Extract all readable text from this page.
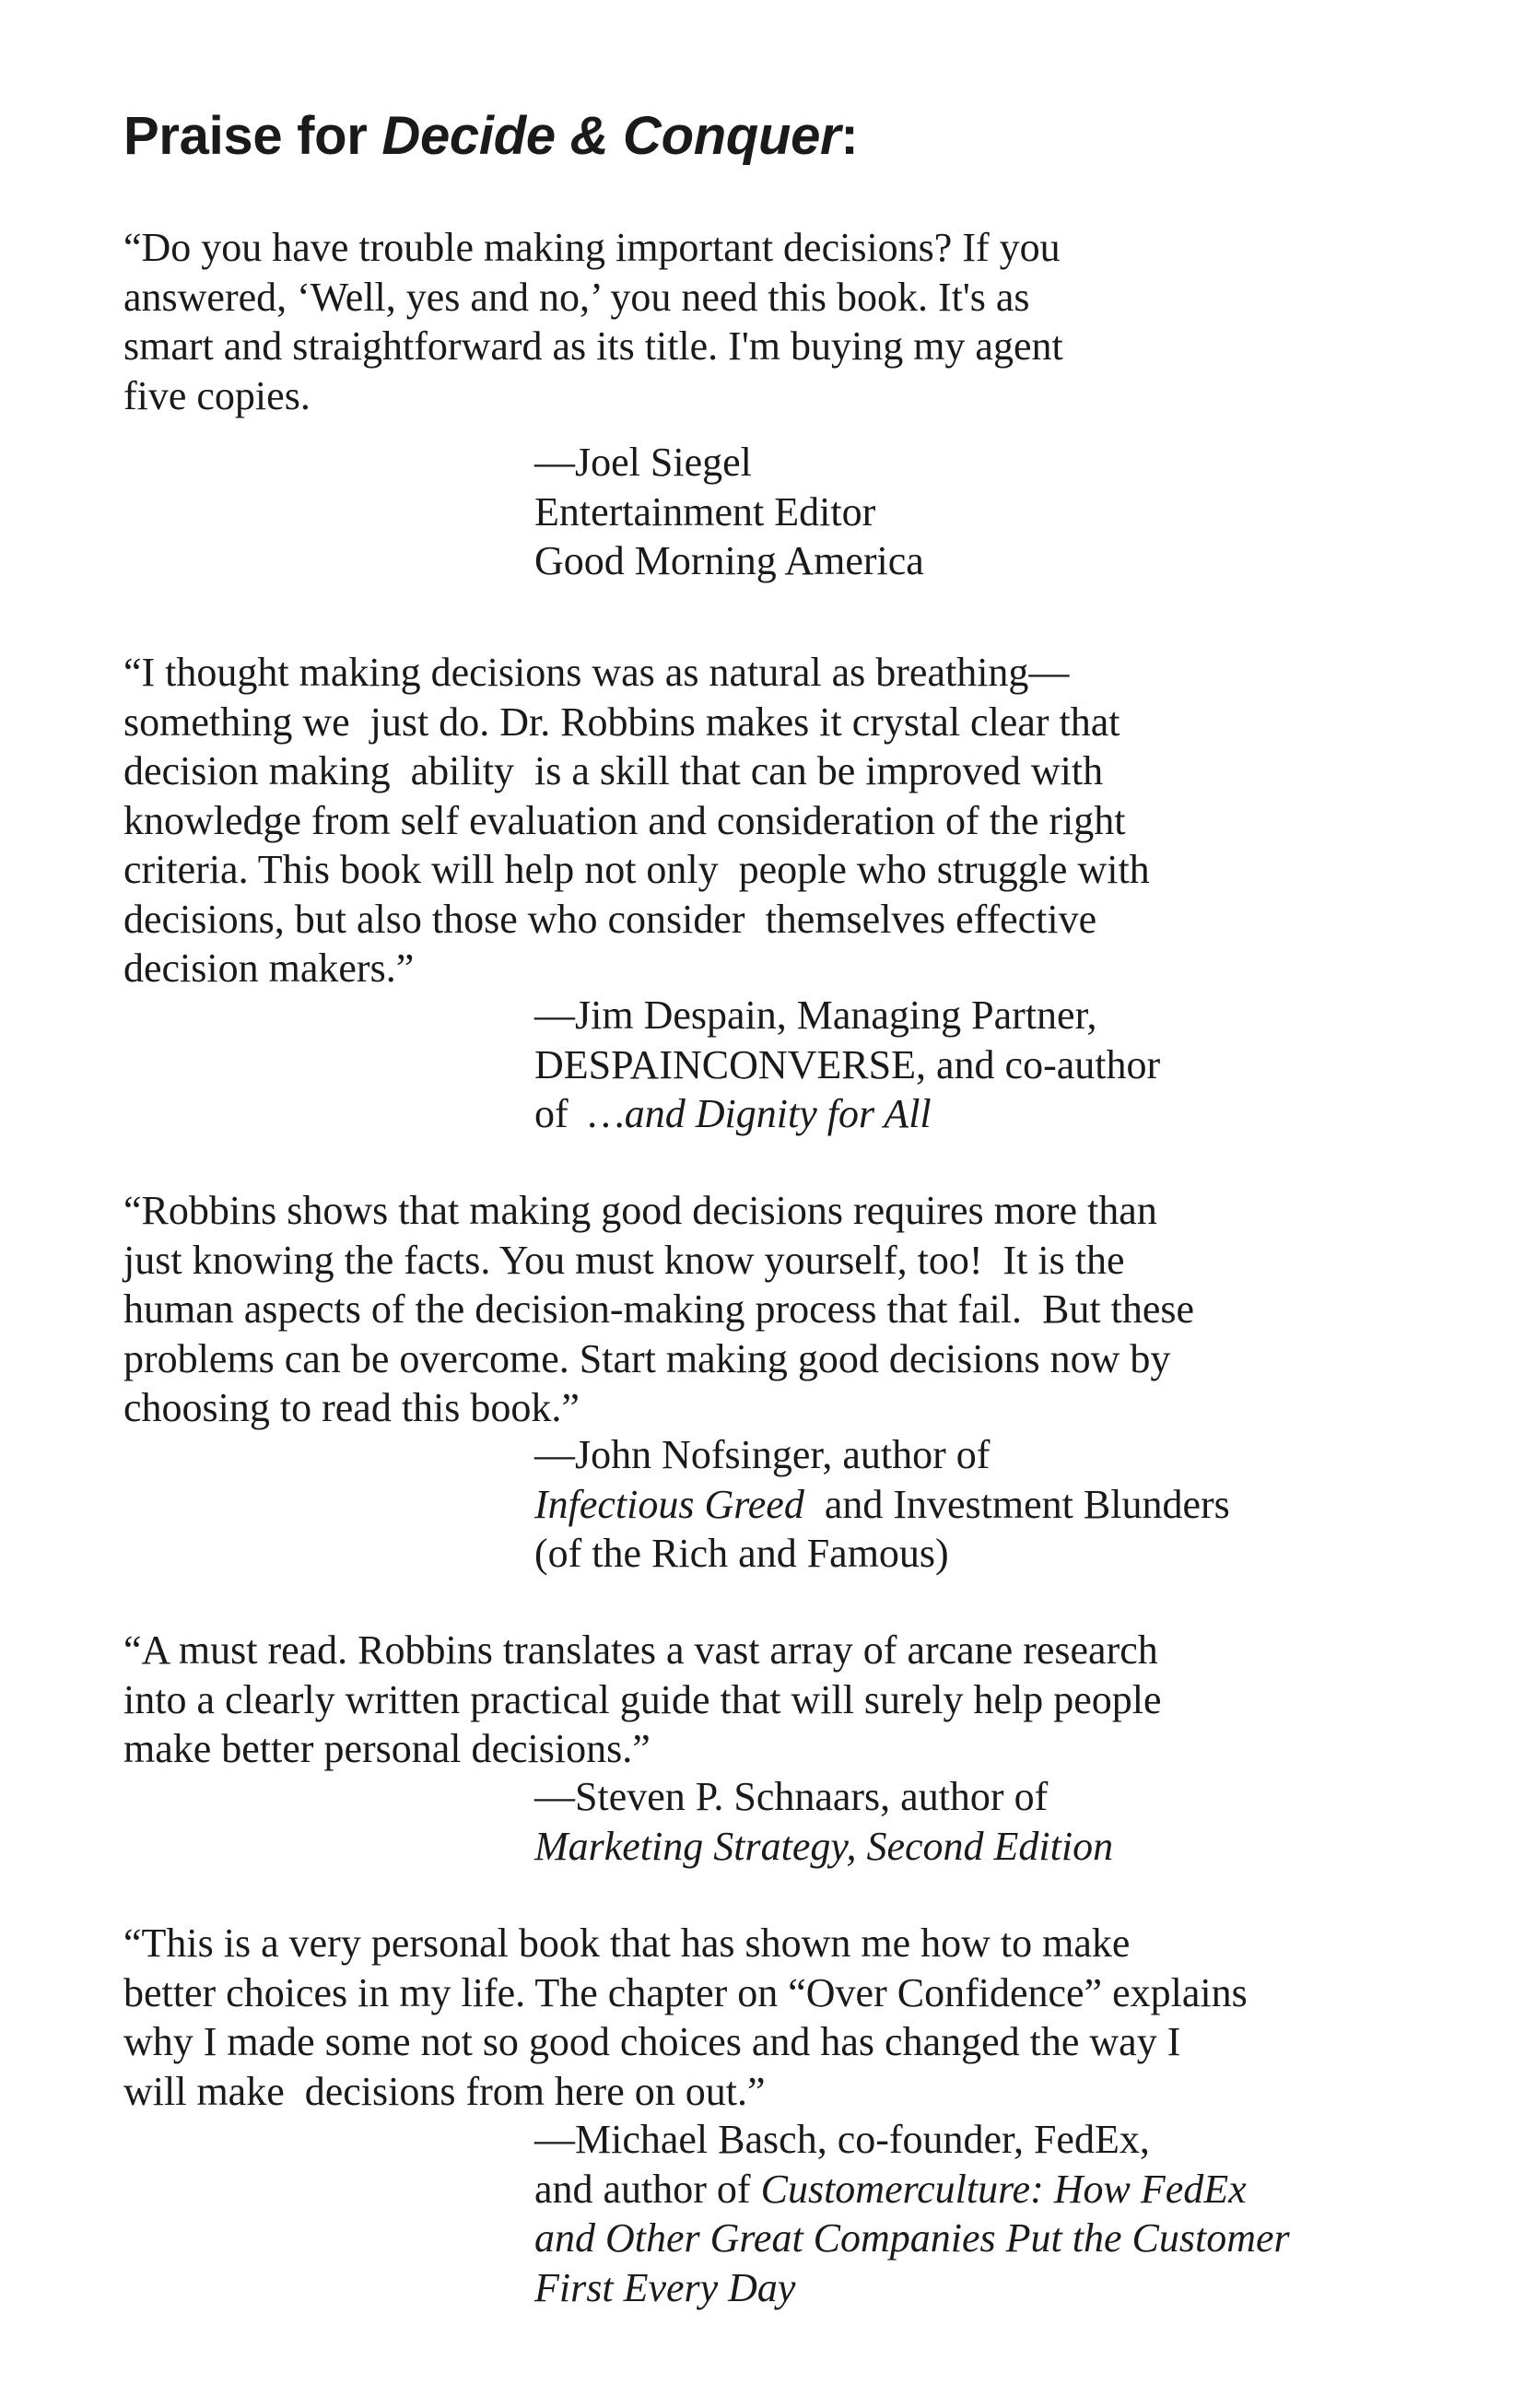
Praise for Decide & Conquer:

“Do you have trouble making important decisions? If you
answered, ‘Well, yes and no,’ you need this book. It's as
smart and straightforward as its title. I'm buying my agent
five copies.

—Joel Siegel
Entertainment Editor
Good Morning America

“I thought making decisions was as natural as breathing—
something we  just do. Dr. Robbins makes it crystal clear that
decision making  ability  is a skill that can be improved with
knowledge from self evaluation and consideration of the right
criteria. This book will help not only  people who struggle with
decisions, but also those who consider  themselves effective
decision makers.”

—Jim Despain, Managing Partner,
DESPAINCONVERSE, and co-author
of  …and Dignity for All

“Robbins shows that making good decisions requires more than
just knowing the facts. You must know yourself, too!  It is the
human aspects of the decision-making process that fail.  But these
problems can be overcome. Start making good decisions now by
choosing to read this book.”

—John Nofsinger, author of
Infectious Greed  and Investment Blunders
(of the Rich and Famous)

“A must read. Robbins translates a vast array of arcane research
into a clearly written practical guide that will surely help people
make better personal decisions.”

—Steven P. Schnaars, author of
Marketing Strategy, Second Edition

“This is a very personal book that has shown me how to make
better choices in my life. The chapter on “Over Confidence” explains
why I made some not so good choices and has changed the way I
will make  decisions from here on out.”

—Michael Basch, co-founder, FedEx,
and author of Customerculture: How FedEx
and Other Great Companies Put the Customer
First Every Day
